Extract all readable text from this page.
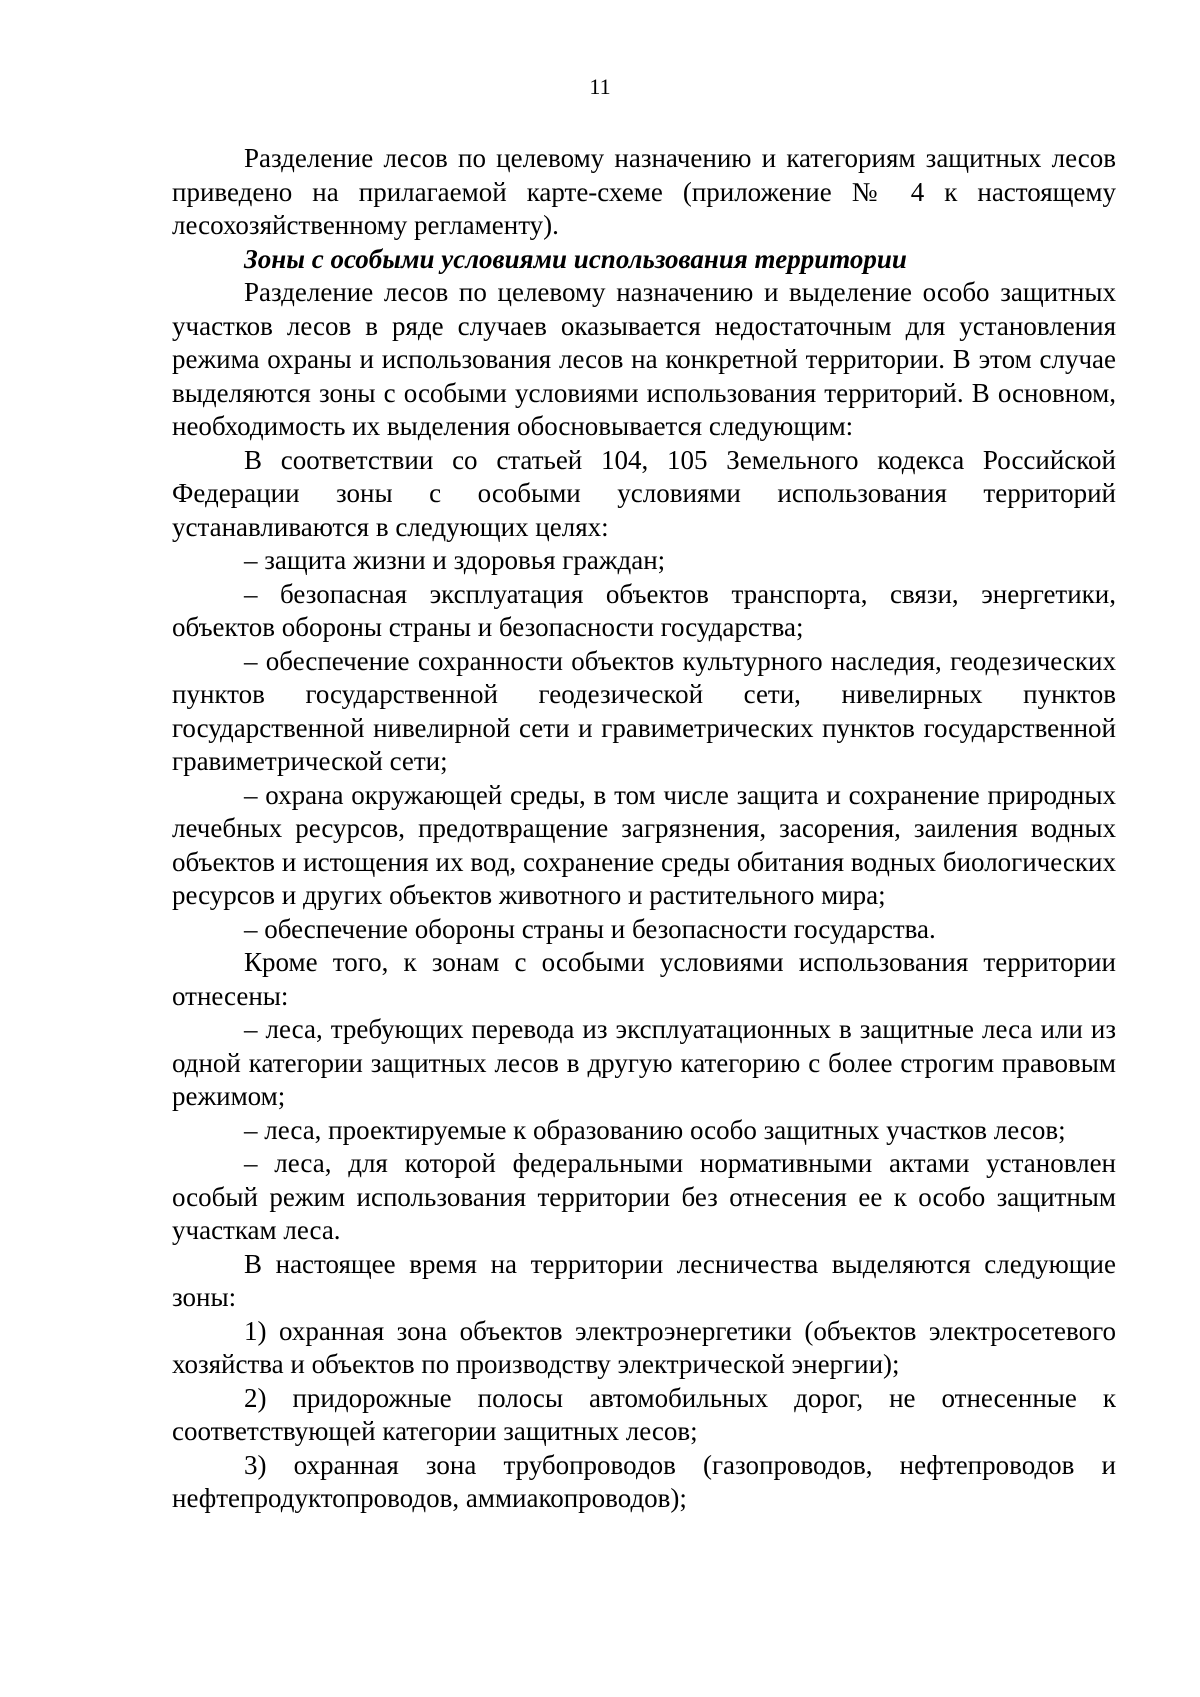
11

Разделение лесов по целевому назначению и категориям защитных лесов приведено на прилагаемой карте-схеме (приложение № 4 к настоящему лесохозяйственному регламенту).

Зоны с особыми условиями использования территории

Разделение лесов по целевому назначению и выделение особо защитных участков лесов в ряде случаев оказывается недостаточным для установления режима охраны и использования лесов на конкретной территории. В этом случае выделяются зоны с особыми условиями использования территорий. В основном, необходимость их выделения обосновывается следующим:

В соответствии со статьей 104, 105 Земельного кодекса Российской Федерации зоны с особыми условиями использования территорий устанавливаются в следующих целях:

– защита жизни и здоровья граждан;

– безопасная эксплуатация объектов транспорта, связи, энергетики, объектов обороны страны и безопасности государства;

– обеспечение сохранности объектов культурного наследия, геодезических пунктов государственной геодезической сети, нивелирных пунктов государственной нивелирной сети и гравиметрических пунктов государственной гравиметрической сети;

– охрана окружающей среды, в том числе защита и сохранение природных лечебных ресурсов, предотвращение загрязнения, засорения, заиления водных объектов и истощения их вод, сохранение среды обитания водных биологических ресурсов и других объектов животного и растительного мира;

– обеспечение обороны страны и безопасности государства.

Кроме того, к зонам с особыми условиями использования территории отнесены:

– леса, требующих перевода из эксплуатационных в защитные леса или из одной категории защитных лесов в другую категорию с более строгим правовым режимом;

– леса, проектируемые к образованию особо защитных участков лесов;

– леса, для которой федеральными нормативными актами установлен особый режим использования территории без отнесения ее к особо защитным участкам леса.

В настоящее время на территории лесничества выделяются следующие зоны:

1) охранная зона объектов электроэнергетики (объектов электросетевого хозяйства и объектов по производству электрической энергии);

2) придорожные полосы автомобильных дорог, не отнесенные к соответствующей категории защитных лесов;

3) охранная зона трубопроводов (газопроводов, нефтепроводов и нефтепродуктопроводов, аммиакопроводов);
